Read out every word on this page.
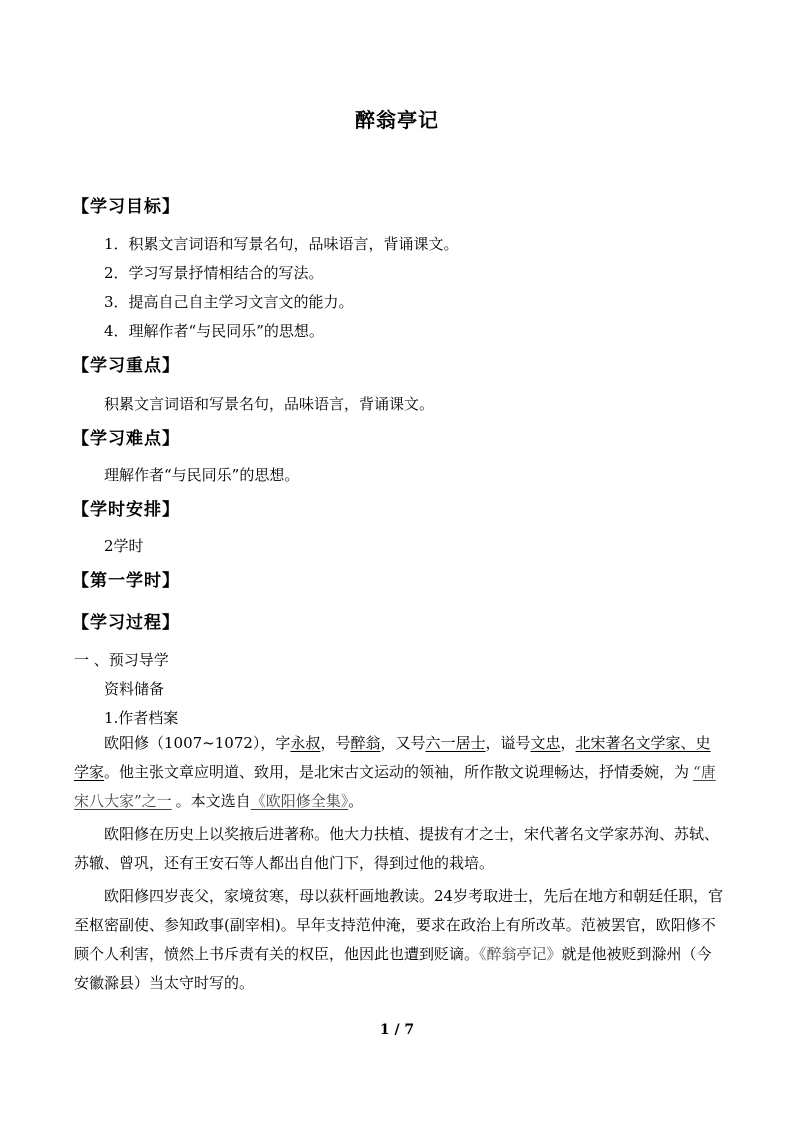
醉翁亭记
【学习目标】
1．积累文言词语和写景名句，品味语言，背诵课文。
2．学习写景抒情相结合的写法。
3．提高自己自主学习文言文的能力。
4．理解作者“与民同乐”的思想。
【学习重点】
积累文言词语和写景名句，品味语言，背诵课文。
【学习难点】
理解作者“与民同乐”的思想。
【学时安排】
2学时
【第一学时】
【学习过程】
一 、预习导学
资料储备
1.作者档案

欧阳修（1007~1072），字永叔，号醉翁，又号六一居士，谥号文忠，北宋著名文学家、史学家。他主张文章应明道、致用，是北宋古文运动的领袖，所作散文说理畅达，抒情委婉，为 “唐宋八大家”之一 。本文选自《欧阳修全集》。

欧阳修在历史上以奖掖后进著称。他大力扶植、提拔有才之士，宋代著名文学家苏洵、苏轼、苏辙、曾巩，还有王安石等人都出自他门下，得到过他的栽培。

欧阳修四岁丧父，家境贫寒，母以荻杆画地教读。24岁考取进士，先后在地方和朝廷任职，官至枢密副使、参知政事(副宰相)。早年支持范仲淹，要求在政治上有所改革。范被罢官，欧阳修不顾个人利害，愤然上书斥责有关的权臣，他因此也遭到贬谪。《醉翁亭记》就是他被贬到滁州（今安徽滁县）当太守时写的。

1 / 7
